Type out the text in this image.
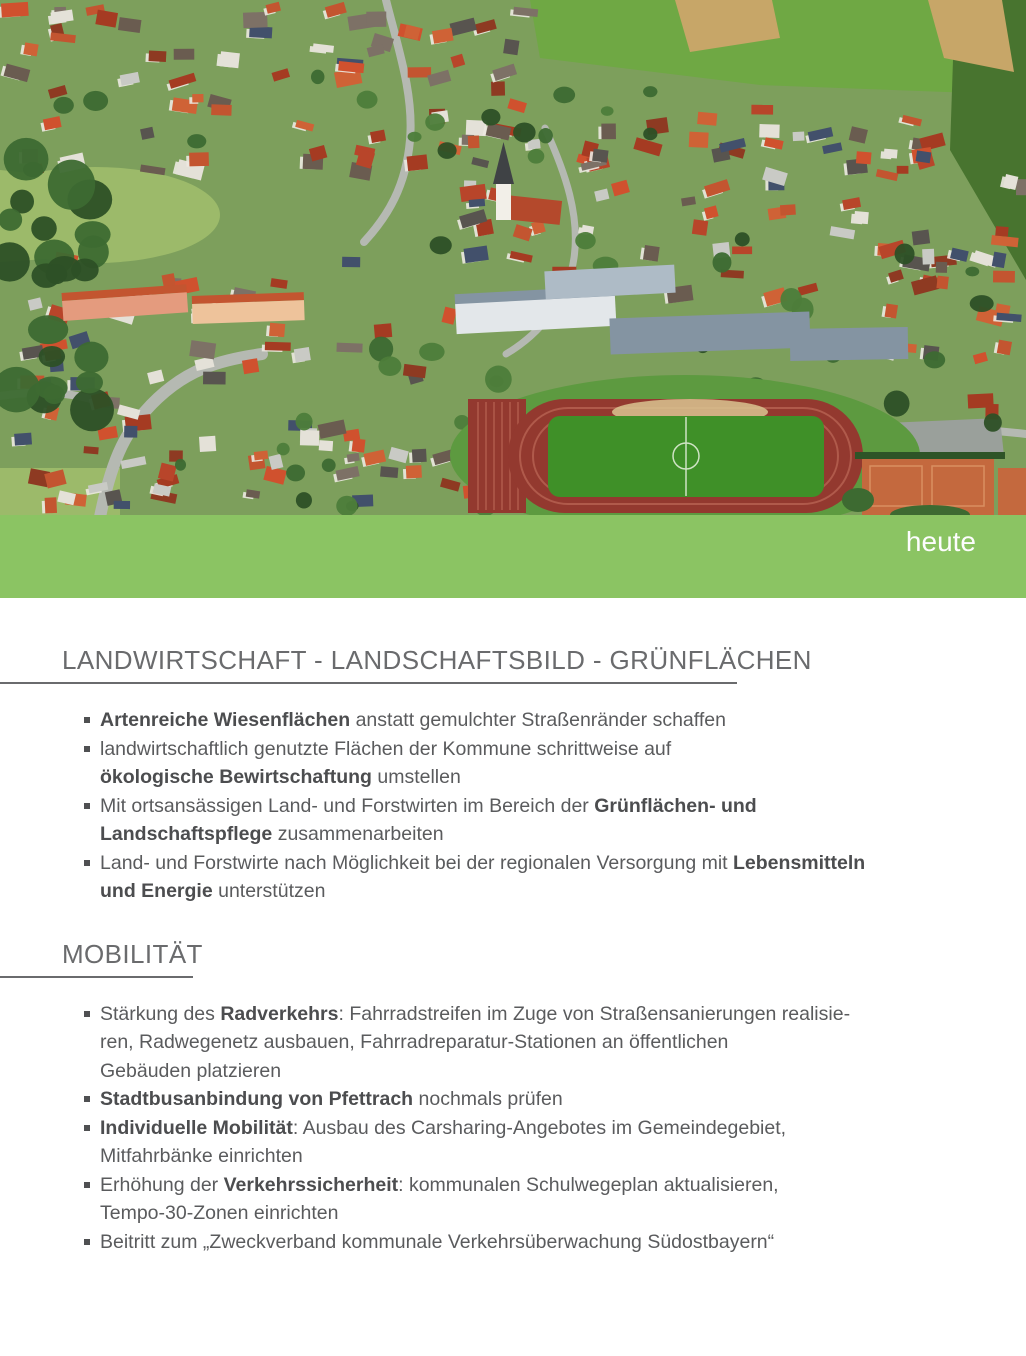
heute
LANDWIRTSCHAFT - LANDSCHAFTSBILD - GRÜNFLÄCHEN
Artenreiche Wiesenflächen anstatt gemulchter Straßenränder schaffen
landwirtschaftlich genutzte Flächen der Kommune schrittweise auf
ökologische Bewirtschaftung umstellen
Mit ortsansässigen Land- und Forstwirten im Bereich der Grünflächen- und
Landschaftspflege zusammenarbeiten
Land- und Forstwirte nach Möglichkeit bei der regionalen Versorgung mit Lebensmitteln
und Energie unterstützen
MOBILITÄT
Stärkung des Radverkehrs: Fahrradstreifen im Zuge von Straßensanierungen realisie-
ren, Radwegenetz ausbauen, Fahrradreparatur-Stationen an öffentlichen
Gebäuden platzieren
Stadtbusanbindung von Pfettrach nochmals prüfen
Individuelle Mobilität: Ausbau des Carsharing-Angebotes im Gemeindegebiet,
Mitfahrbänke einrichten
Erhöhung der Verkehrssicherheit: kommunalen Schulwegeplan aktualisieren,
Tempo-30-Zonen einrichten
Beitritt zum „Zweckverband kommunale Verkehrsüberwachung Südostbayern“
